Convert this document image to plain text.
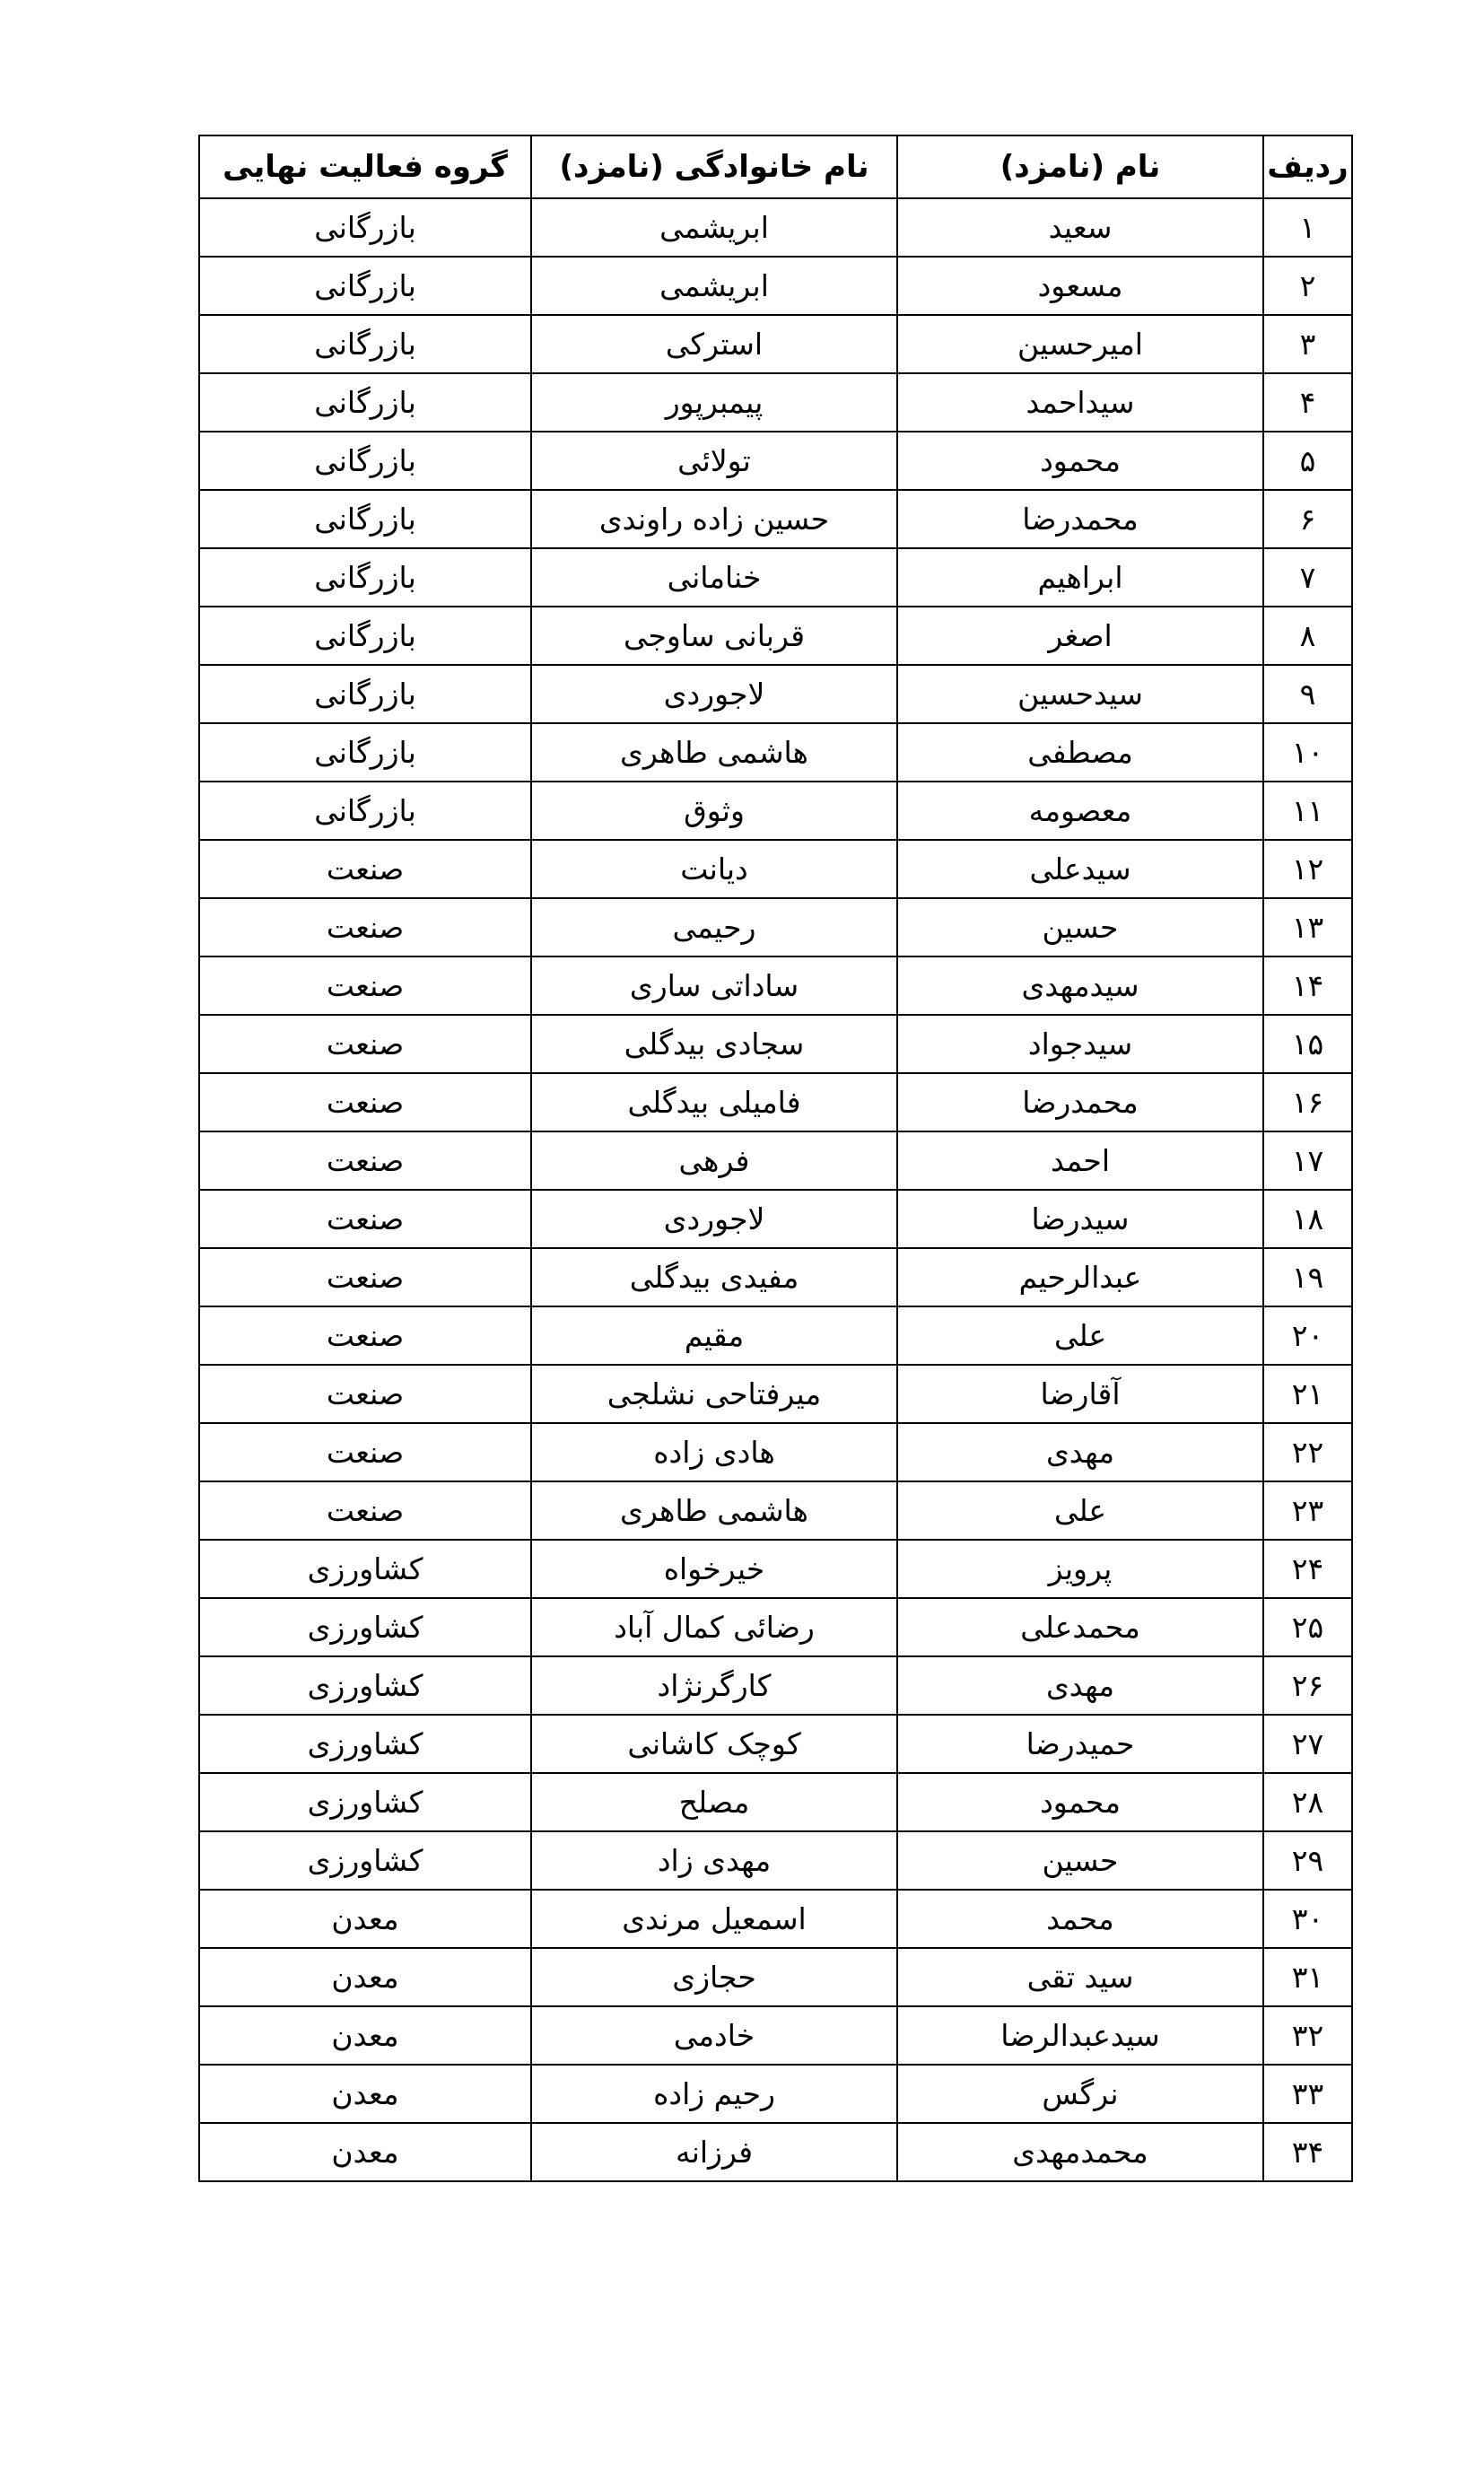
ردیف	نام (نامزد)	نام خانوادگی (نامزد)	گروه فعالیت نهایی
۱	سعید	ابریشمی	بازرگانی
۲	مسعود	ابریشمی	بازرگانی
۳	امیرحسین	استرکی	بازرگانی
۴	سیداحمد	پیمبرپور	بازرگانی
۵	محمود	تولائی	بازرگانی
۶	محمدرضا	حسین زاده راوندی	بازرگانی
۷	ابراهیم	خنامانی	بازرگانی
۸	اصغر	قربانی ساوجی	بازرگانی
۹	سیدحسین	لاجوردی	بازرگانی
۱۰	مصطفی	هاشمی طاهری	بازرگانی
۱۱	معصومه	وثوق	بازرگانی
۱۲	سیدعلی	دیانت	صنعت
۱۳	حسین	رحیمی	صنعت
۱۴	سیدمهدی	ساداتی ساری	صنعت
۱۵	سیدجواد	سجادی بیدگلی	صنعت
۱۶	محمدرضا	فامیلی بیدگلی	صنعت
۱۷	احمد	فرهی	صنعت
۱۸	سیدرضا	لاجوردی	صنعت
۱۹	عبدالرحیم	مفیدی بیدگلی	صنعت
۲۰	علی	مقیم	صنعت
۲۱	آقارضا	میرفتاحی نشلجی	صنعت
۲۲	مهدی	هادی زاده	صنعت
۲۳	علی	هاشمی طاهری	صنعت
۲۴	پرویز	خیرخواه	کشاورزی
۲۵	محمدعلی	رضائی کمال آباد	کشاورزی
۲۶	مهدی	کارگرنژاد	کشاورزی
۲۷	حمیدرضا	کوچک کاشانی	کشاورزی
۲۸	محمود	مصلح	کشاورزی
۲۹	حسین	مهدی زاد	کشاورزی
۳۰	محمد	اسمعیل مرندی	معدن
۳۱	سید تقی	حجازی	معدن
۳۲	سیدعبدالرضا	خادمی	معدن
۳۳	نرگس	رحیم زاده	معدن
۳۴	محمدمهدی	فرزانه	معدن
